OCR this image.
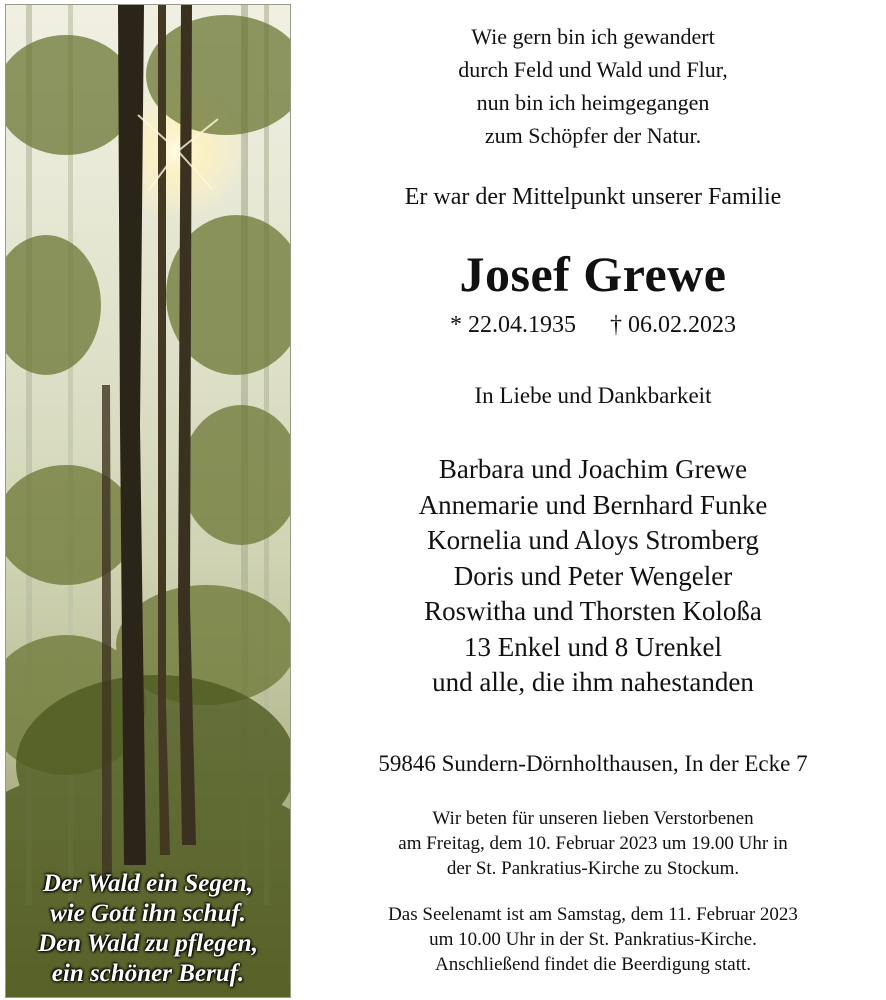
Der Wald ein Segen,
wie Gott ihn schuf.
Den Wald zu pflegen,
ein schöner Beruf.
Wie gern bin ich gewandert
durch Feld und Wald und Flur,
nun bin ich heimgegangen
zum Schöpfer der Natur.
Er war der Mittelpunkt unserer Familie
Josef Grewe
* 22.04.1935 † 06.02.2023
In Liebe und Dankbarkeit
Barbara und Joachim Grewe
Annemarie und Bernhard Funke
Kornelia und Aloys Stromberg
Doris und Peter Wengeler
Roswitha und Thorsten Koloßa
13 Enkel und 8 Urenkel
und alle, die ihm nahestanden
59846 Sundern-Dörnholthausen, In der Ecke 7
Wir beten für unseren lieben Verstorbenen
am Freitag, dem 10. Februar 2023 um 19.00 Uhr in
der St. Pankratius-Kirche zu Stockum.
Das Seelenamt ist am Samstag, dem 11. Februar 2023
um 10.00 Uhr in der St. Pankratius-Kirche.
Anschließend findet die Beerdigung statt.
